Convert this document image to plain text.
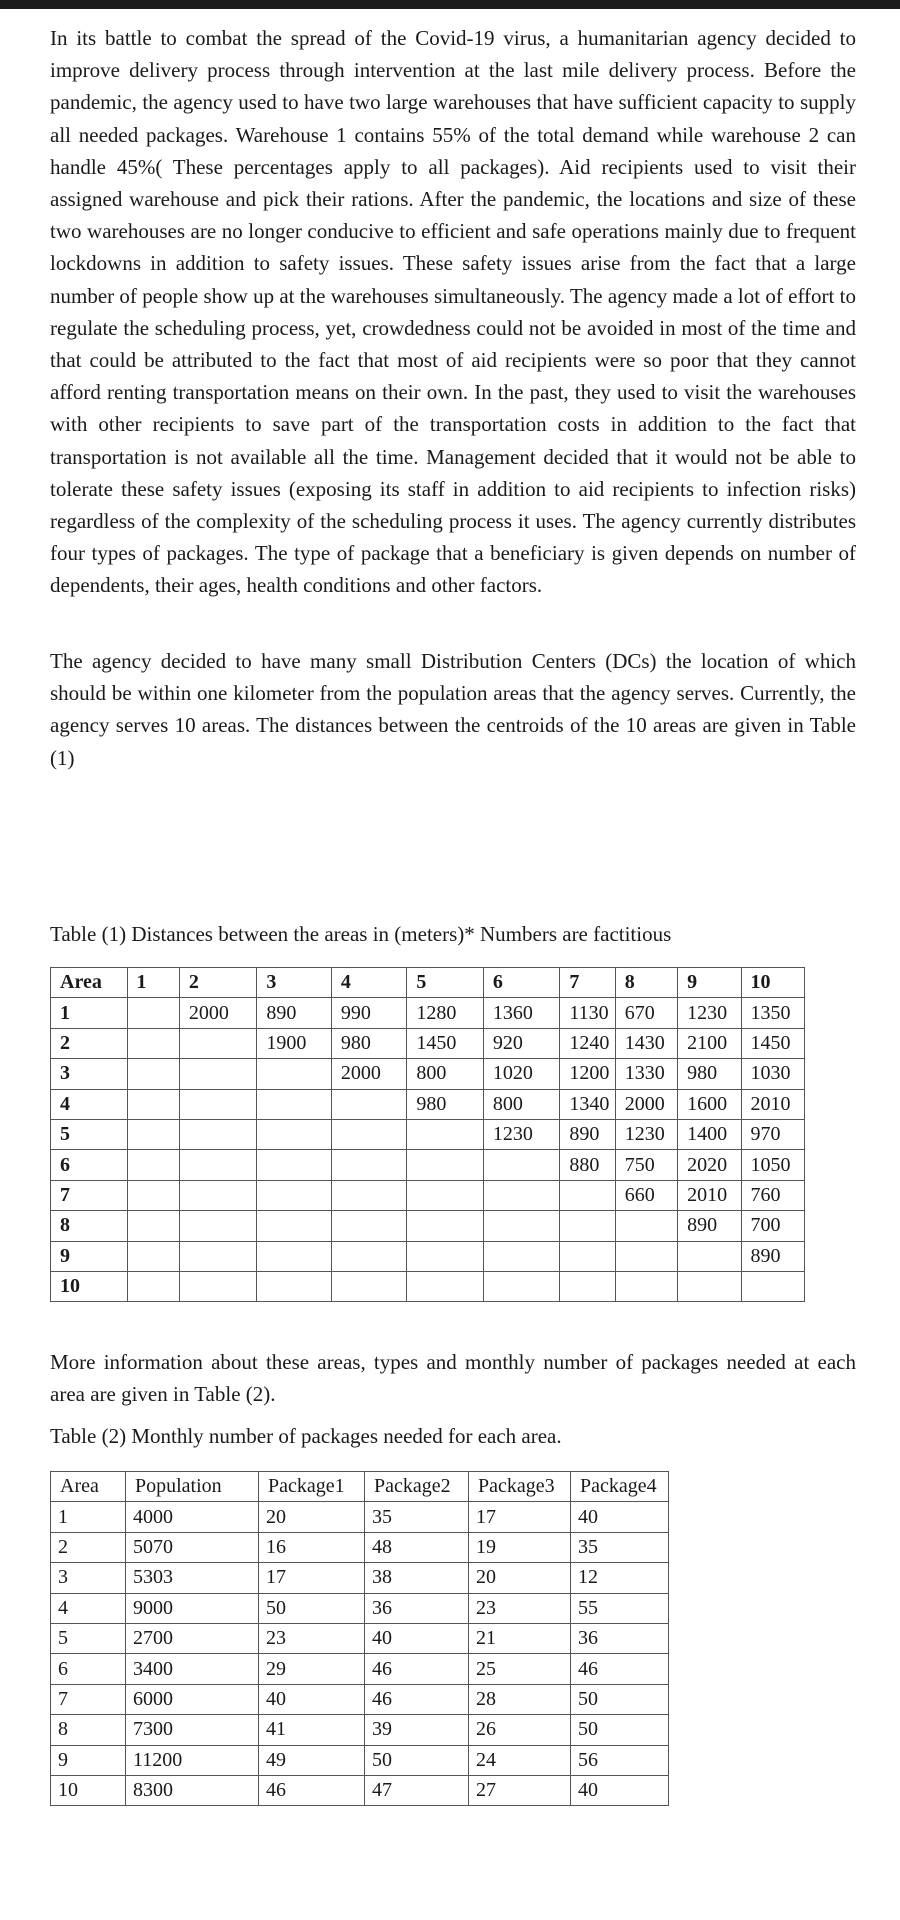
In its battle to combat the spread of the Covid-19 virus, a humanitarian agency decided to improve delivery process through intervention at the last mile delivery process. Before the pandemic, the agency used to have two large warehouses that have sufficient capacity to supply all needed packages. Warehouse 1 contains 55% of the total demand while warehouse 2 can handle 45%( These percentages apply to all packages). Aid recipients used to visit their assigned warehouse and pick their rations. After the pandemic, the locations and size of these two warehouses are no longer conducive to efficient and safe operations mainly due to frequent lockdowns in addition to safety issues. These safety issues arise from the fact that a large number of people show up at the warehouses simultaneously. The agency made a lot of effort to regulate the scheduling process, yet, crowdedness could not be avoided in most of the time and that could be attributed to the fact that most of aid recipients were so poor that they cannot afford renting transportation means on their own. In the past, they used to visit the warehouses with other recipients to save part of the transportation costs in addition to the fact that transportation is not available all the time. Management decided that it would not be able to tolerate these safety issues (exposing its staff in addition to aid recipients to infection risks) regardless of the complexity of the scheduling process it uses. The agency currently distributes four types of packages. The type of package that a beneficiary is given depends on number of dependents, their ages, health conditions and other factors.

The agency decided to have many small Distribution Centers (DCs) the location of which should be within one kilometer from the population areas that the agency serves. Currently, the agency serves 10 areas. The distances between the centroids of the 10 areas are given in Table (1)

Table (1) Distances between the areas in (meters)* Numbers are factitious

Area	1	2	3	4	5	6	7	8	9	10
1		2000	890	990	1280	1360	1130	670	1230	1350
2			1900	980	1450	920	1240	1430	2100	1450
3				2000	800	1020	1200	1330	980	1030
4					980	800	1340	2000	1600	2010
5						1230	890	1230	1400	970
6							880	750	2020	1050
7								660	2010	760
8									890	700
9										890
10										

More information about these areas, types and monthly number of packages needed at each area are given in Table (2).

Table (2) Monthly number of packages needed for each area.

Area	Population	Package1	Package2	Package3	Package4
1	4000	20	35	17	40
2	5070	16	48	19	35
3	5303	17	38	20	12
4	9000	50	36	23	55
5	2700	23	40	21	36
6	3400	29	46	25	46
7	6000	40	46	28	50
8	7300	41	39	26	50
9	11200	49	50	24	56
10	8300	46	47	27	40
